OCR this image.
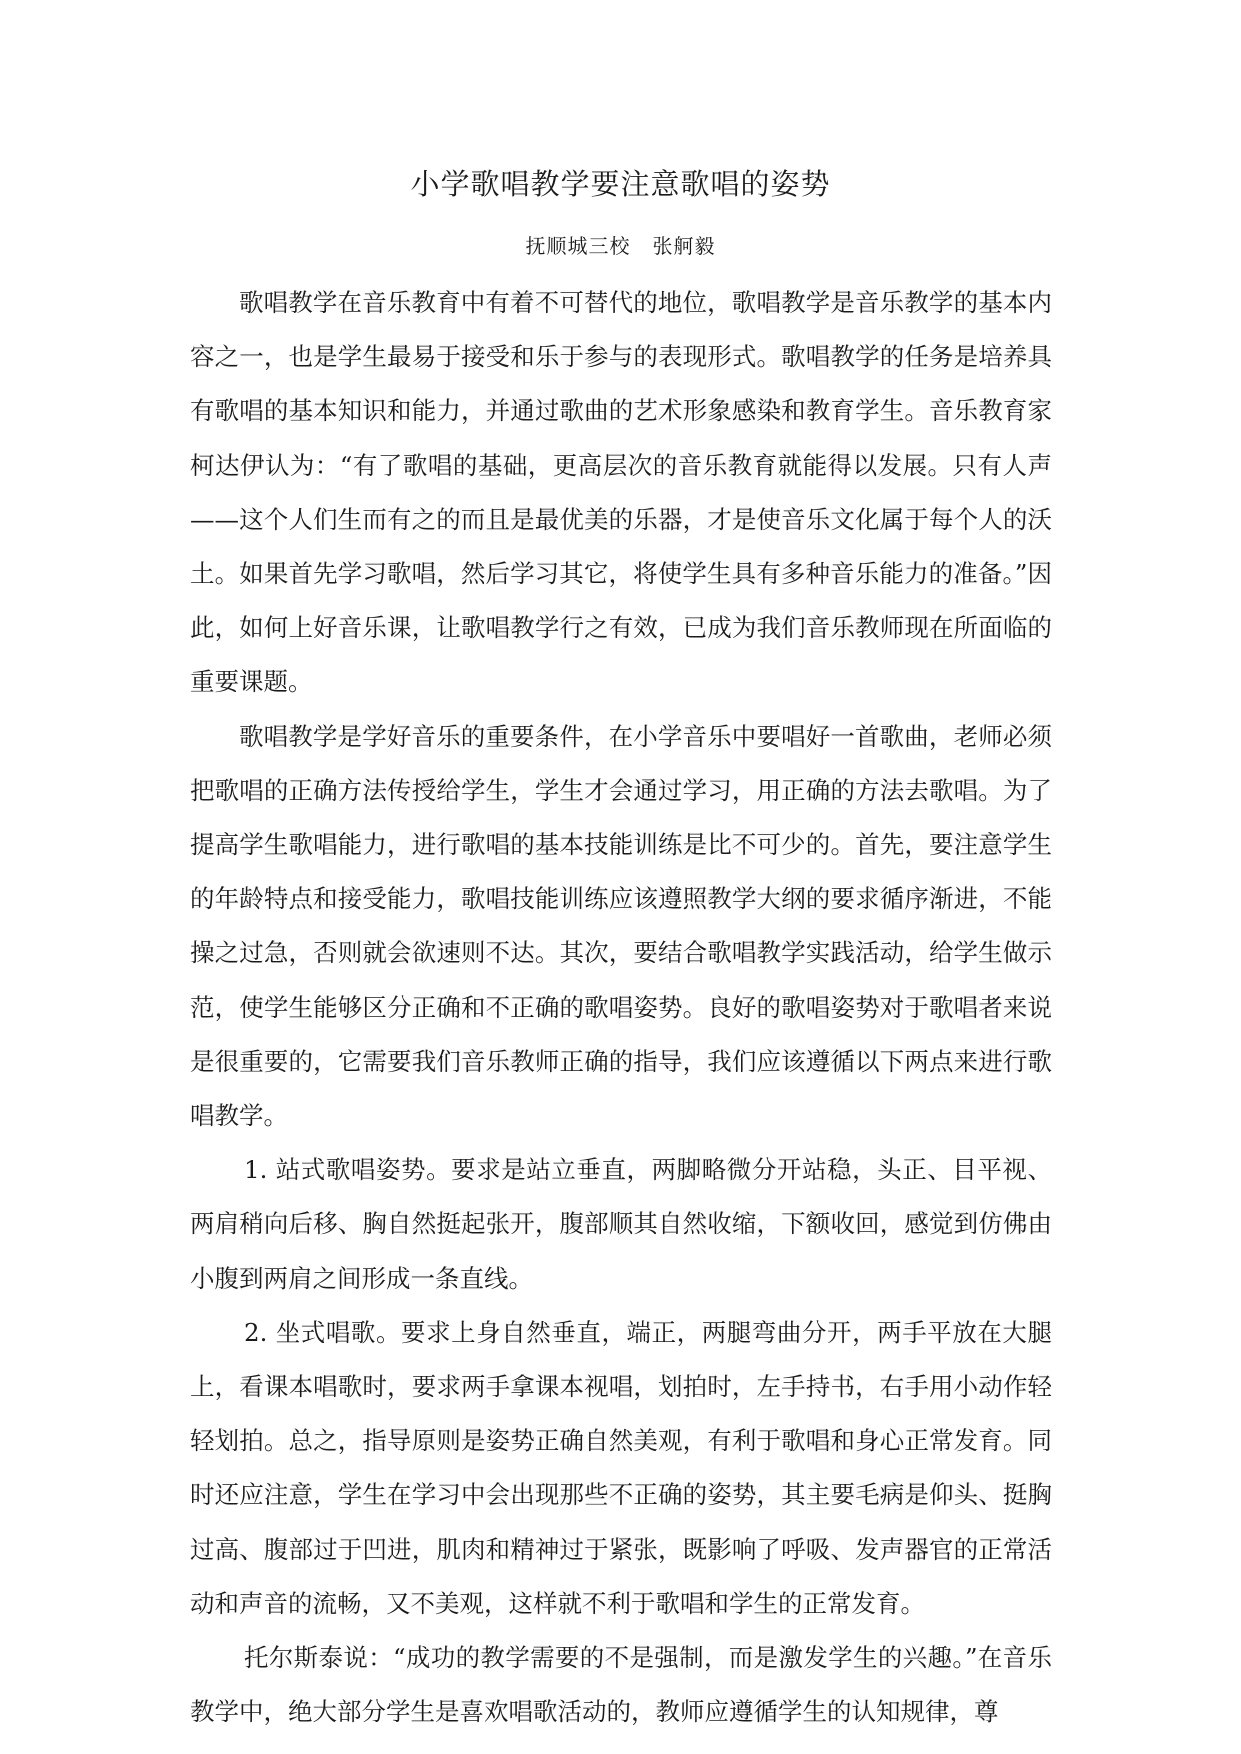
小学歌唱教学要注意歌唱的姿势
抚顺城三校 张舸毅

歌唱教学在音乐教育中有着不可替代的地位，歌唱教学是音乐教学的基本内容之一，也是学生最易于接受和乐于参与的表现形式。歌唱教学的任务是培养具有歌唱的基本知识和能力，并通过歌曲的艺术形象感染和教育学生。音乐教育家柯达伊认为：“有了歌唱的基础，更高层次的音乐教育就能得以发展。只有人声——这个人们生而有之的而且是最优美的乐器，才是使音乐文化属于每个人的沃土。如果首先学习歌唱，然后学习其它，将使学生具有多种音乐能力的准备。”因此，如何上好音乐课，让歌唱教学行之有效，已成为我们音乐教师现在所面临的重要课题。

歌唱教学是学好音乐的重要条件，在小学音乐中要唱好一首歌曲，老师必须把歌唱的正确方法传授给学生，学生才会通过学习，用正确的方法去歌唱。为了提高学生歌唱能力，进行歌唱的基本技能训练是比不可少的。首先，要注意学生的年龄特点和接受能力，歌唱技能训练应该遵照教学大纲的要求循序渐进，不能操之过急，否则就会欲速则不达。其次，要结合歌唱教学实践活动，给学生做示范，使学生能够区分正确和不正确的歌唱姿势。良好的歌唱姿势对于歌唱者来说是很重要的，它需要我们音乐教师正确的指导，我们应该遵循以下两点来进行歌唱教学。

1. 站式歌唱姿势。要求是站立垂直，两脚略微分开站稳，头正、目平视、两肩稍向后移、胸自然挺起张开，腹部顺其自然收缩，下额收回，感觉到仿佛由小腹到两肩之间形成一条直线。

2. 坐式唱歌。要求上身自然垂直，端正，两腿弯曲分开，两手平放在大腿上，看课本唱歌时，要求两手拿课本视唱，划拍时，左手持书，右手用小动作轻轻划拍。总之，指导原则是姿势正确自然美观，有利于歌唱和身心正常发育。同时还应注意，学生在学习中会出现那些不正确的姿势，其主要毛病是仰头、挺胸过高、腹部过于凹进，肌肉和精神过于紧张，既影响了呼吸、发声器官的正常活动和声音的流畅，又不美观，这样就不利于歌唱和学生的正常发育。

托尔斯泰说：“成功的教学需要的不是强制，而是激发学生的兴趣。”在音乐教学中，绝大部分学生是喜欢唱歌活动的，教师应遵循学生的认知规律，尊
